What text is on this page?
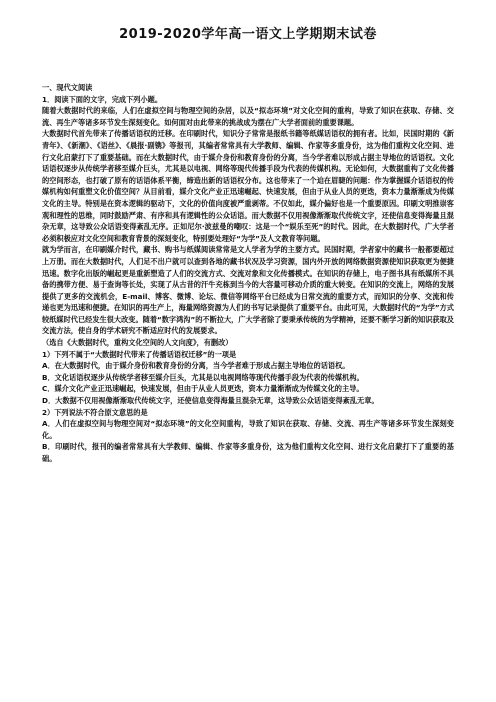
2019-2020学年高一语文上学期期末试卷

一、现代文阅读

1．阅读下面的文字，完成下列小题。

随着大数据时代的来临，人们在虚拟空间与物理空间的杂居，以及“拟态环境”对文化空间的重构，导致了知识在获取、存储、交流、再生产等诸多环节发生深刻变化。如何面对由此带来的挑战成为摆在广大学者面前的重要课题。

大数据时代首先带来了传播话语权的迁移。在印刷时代，知识分子常常是报纸书籍等纸媒话语权的拥有者。比如，民国时期的《新青年》、《新潮》、《语丝》、《晨报·副镌》等报刊，其编者常常具有大学教师、编辑、作家等多重身份，这为他们重构文化空间、进行文化启蒙打下了重要基础。而在大数据时代，由于媒介身份和教育身份的分离，当今学者难以形成占据主导地位的话语权。文化话语权逐步从传统学者移至媒介巨头，尤其是以电视、网络等现代传播手段为代表的传媒机构。无论如何，大数据重构了文化传播的空间形态，也打破了原有的话语体系平衡，缔造出新的话语权分布。这也带来了一个迫在眉睫的问题：作为掌握媒介话语权的传媒机构如何重塑文化价值空间？从目前看，媒介文化产业正迅速崛起、快速发展，但由于从业人员的更迭，资本力量渐渐成为传媒文化的主导。特别是在资本逻辑的驱动下，文化的价值向度被严重剥蒂。不仅如此，媒介偏好也是一个重要原因。印刷文明推崇客观和理性的思维，同时鼓励严肃、有序和具有逻辑性的公众话语。而大数据不仅用视像渐渐取代传统文字，还使信息变得海量且混杂无章，这导致公众话语变得紊乱无序。正如尼尔·波兹曼的嘲叹：这是一个“娱乐至死”的时代。因此，在大数据时代，广大学者必须积极应对文化空间和教育背景的深刻变化，特别要处理好“为学”及人文教育等问题。

就为学而言，在印刷媒介时代，藏书、购书与纸媒阅读常常是文人学者为学的主要方式。民国时期，学者家中的藏书一般都要超过上万册。而在大数据时代，人们足不出户就可以查到各地的藏书状况及学习资源，国内外开放的网络数据资源使知识获取更为便捷迅速。数字化出版的崛起更是重新塑造了人们的交流方式、交流对象和文化传播模式。在知识的存储上，电子图书具有纸媒所不具备的携带方便、易于查询等长处，实现了从古昔的汗牛充栋到当今的大容量可移动介质的重大转变。在知识的交流上，网络的发展提供了更多的交流机会，E-mail、博客、微博、论坛、微信等网络平台已经成为日常交流的重要方式，而知识的分享、交流和传递也更为迅速和便捷。在知识的再生产上，海量网络资源为人们的书写记录提供了重要平台。由此可见，大数据时代的“为学”方式较纸媒时代已经发生很大改变。随着“数字鸿沟”的不断拉大，广大学者除了要秉承传统的为学精神，还要不断学习新的知识获取及交流方法，使自身的学术研究不断适应时代的发展要求。

（选自《大数据时代，重构文化空间的人文向度》，有删改）

1）下列不属于“大数据时代带来了传播话语权迁移”的一项是

A．在大数据时代，由于媒介身份和教育身份的分离，当今学者难于形成占据主导地位的话语权。

B．文化话语权逐步从传统学者移至媒介巨头，尤其是以电视网络等现代传播手段为代表的传媒机构。

C．媒介文化产业正迅速崛起，快速发展，但由于从业人员更迭，资本力量渐渐成为传媒文化的主导。

D．大数据不仅用视像渐渐取代传统文字，还使信息变得海量且混杂无章，这导致公众话语变得紊乱无章。

2）下列说法不符合原文意思的是

A．人们在虚拟空间与物理空间对“拟态环境”的文化空间重构，导致了知识在获取、存储、交流、再生产等诸多环节发生深刻变化。

B．印刷时代，报刊的编者常常具有大学教师、编辑、作家等多重身份，这为他们重构文化空间、进行文化启蒙打下了重要的基础。
